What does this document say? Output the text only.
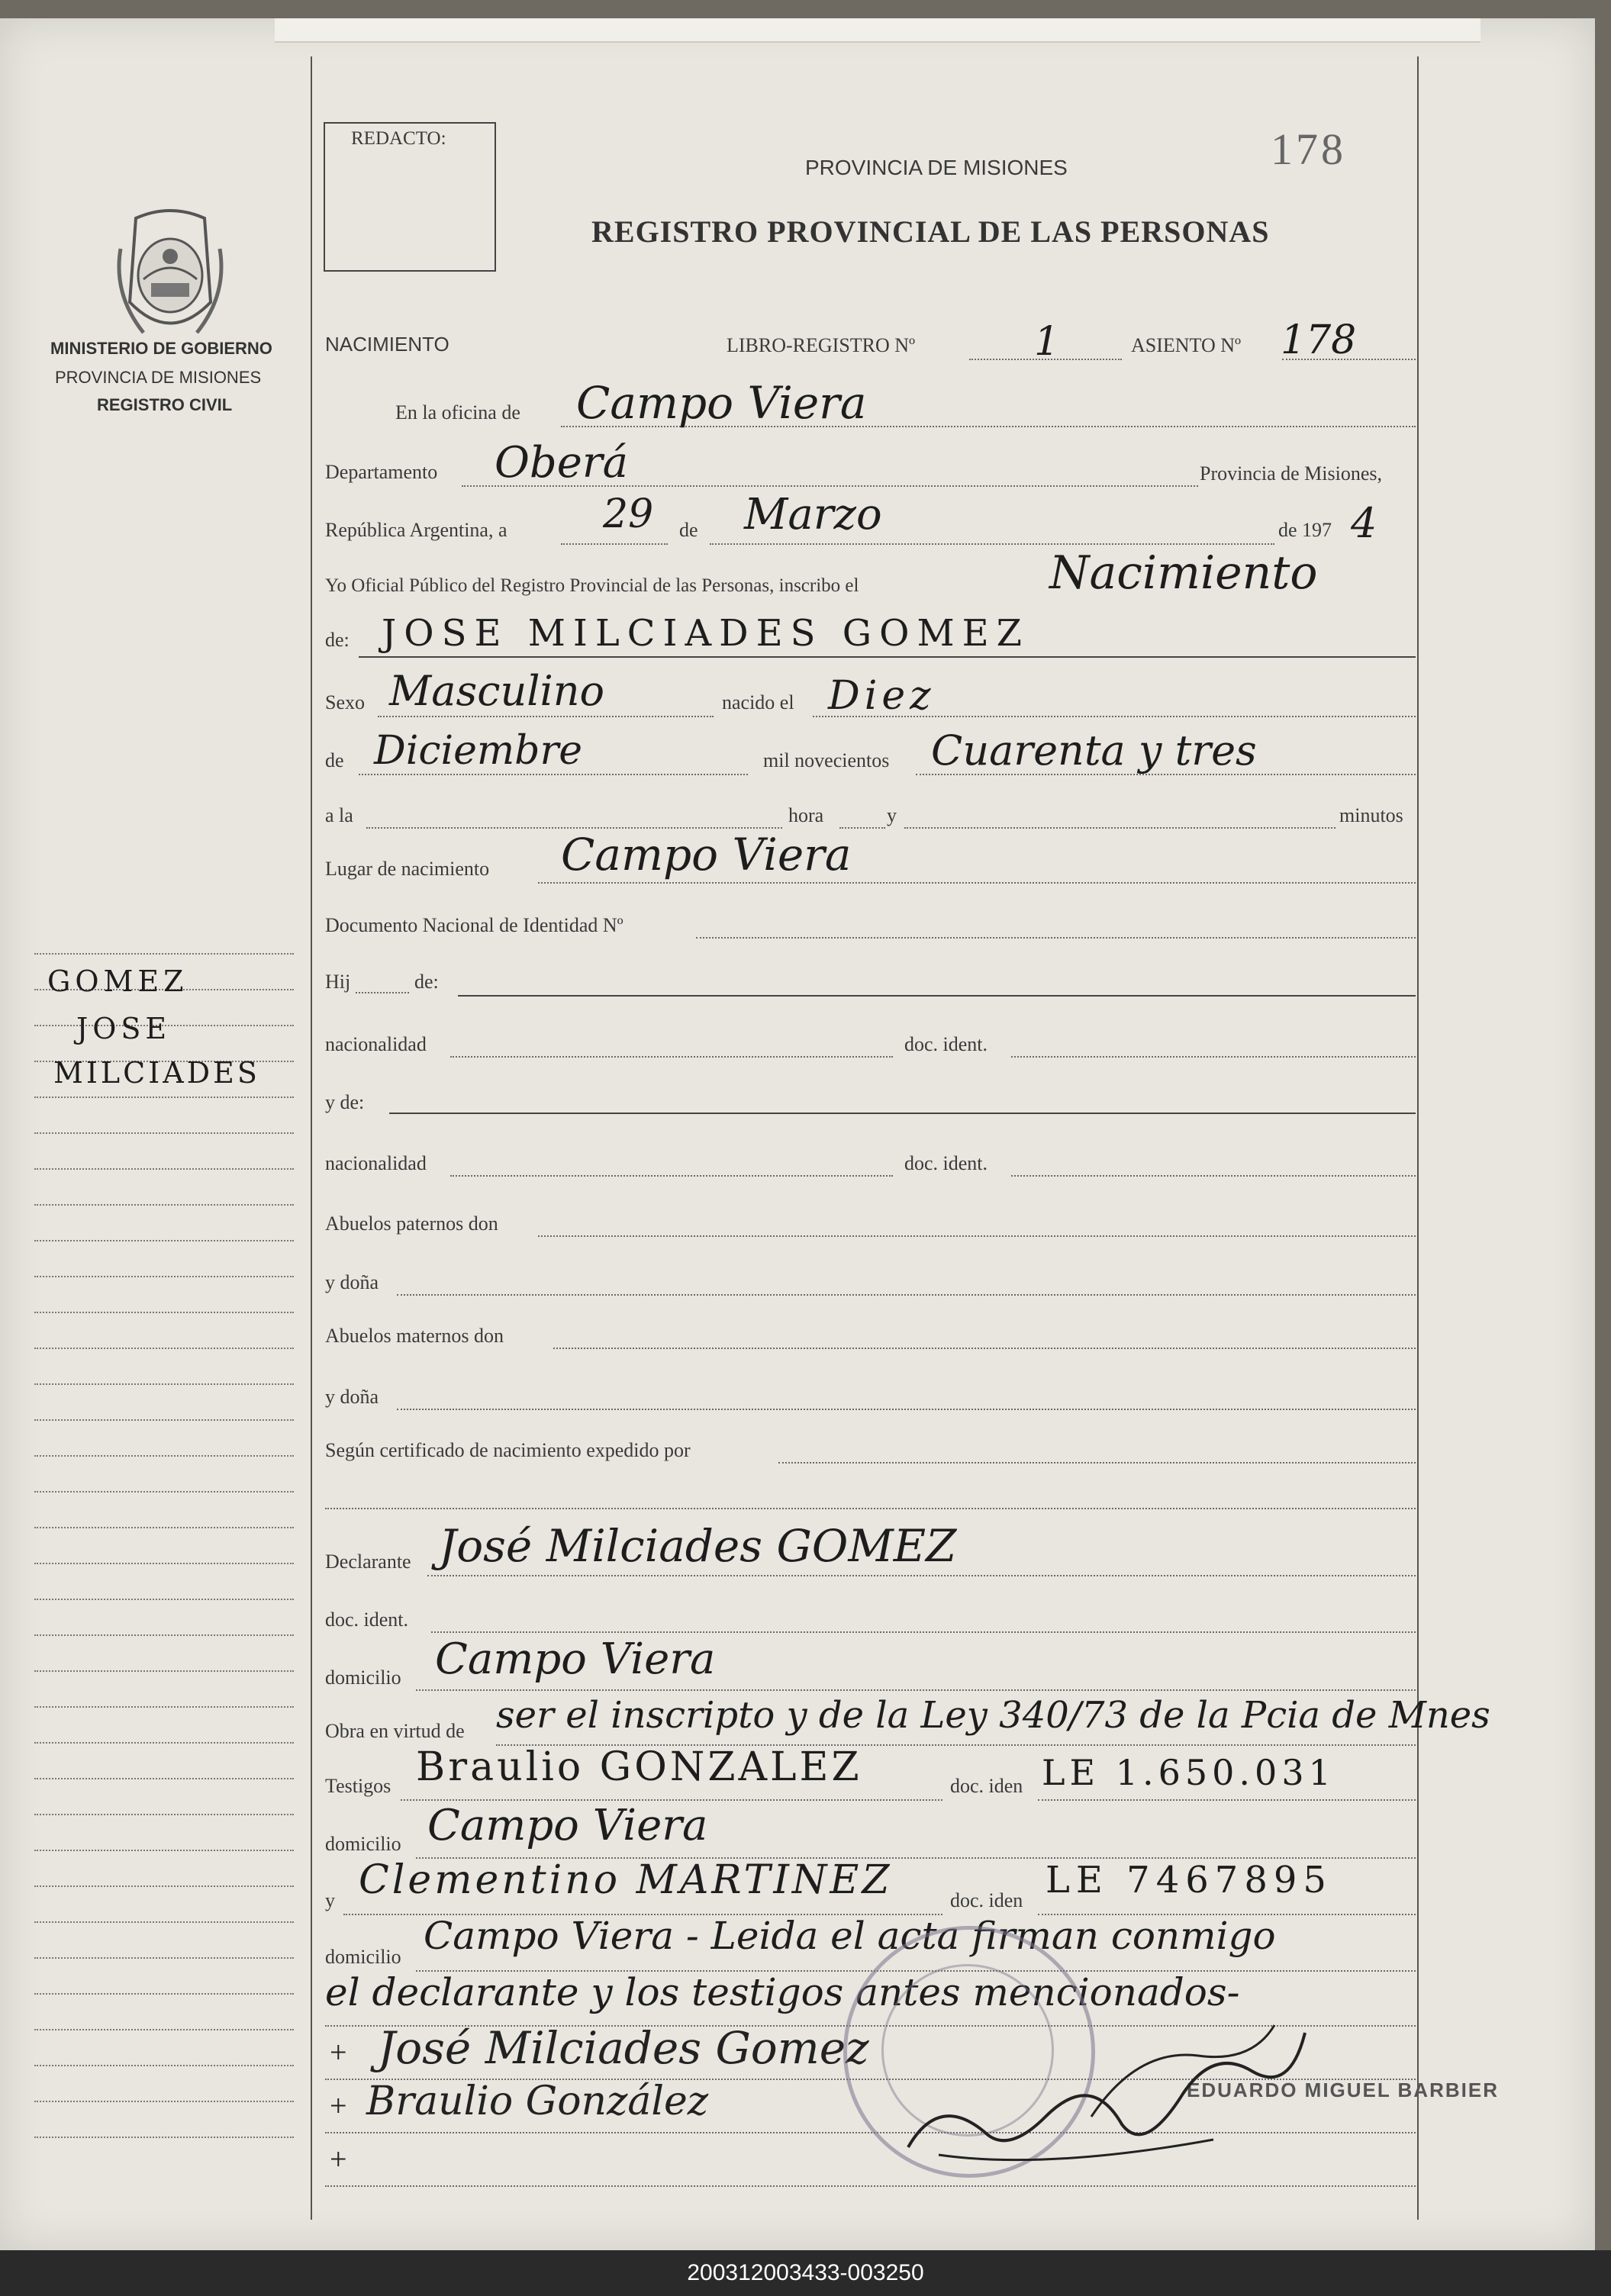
REDACTO:	178
PROVINCIA DE MISIONES
REGISTRO PROVINCIAL DE LAS PERSONAS
MINISTERIO DE GOBIERNO
PROVINCIA DE MISIONES
REGISTRO CIVIL
GOMEZ
JOSE
MILCIADES
NACIMIENTO	LIBRO-REGISTRO Nº	1	ASIENTO Nº 178
En la oficina de Campo Viera
Departamento Oberá	Provincia de Misiones,
República Argentina, a 29 de Marzo	de 197 4
Yo Oficial Público del Registro Provincial de las Personas, inscribo el	Nacimiento
de: JOSE MILCIADES GOMEZ
Sexo Masculino	nacido el Diez
de Diciembre	mil novecientos Cuarenta y tres
a la	hora	y	minutos
Lugar de nacimiento Campo Viera
Documento Nacional de Identidad Nº
Hij	de:
nacionalidad	doc. ident.
y de:
nacionalidad	doc. ident.
Abuelos paternos don
y doña
Abuelos maternos don
y doña
Según certificado de nacimiento expedido por
Declarante José Milciades GOMEZ
doc. ident.
domicilio Campo Viera
Obra en virtud de ser el inscripto y de la Ley 340/73 de la Pcia de Mnes
Testigos Braulio GONZALEZ	doc. iden LE 1.650.031
domicilio Campo Viera
y Clementino MARTINEZ	doc. iden LE 7467895
domicilio Campo Viera - Leida el acta firman conmigo
el declarante y los testigos antes mencionados-
+
+
+
José Milciades Gomez
Braulio González	EDUARDO MIGUEL BARBIER
200312003433-003250
